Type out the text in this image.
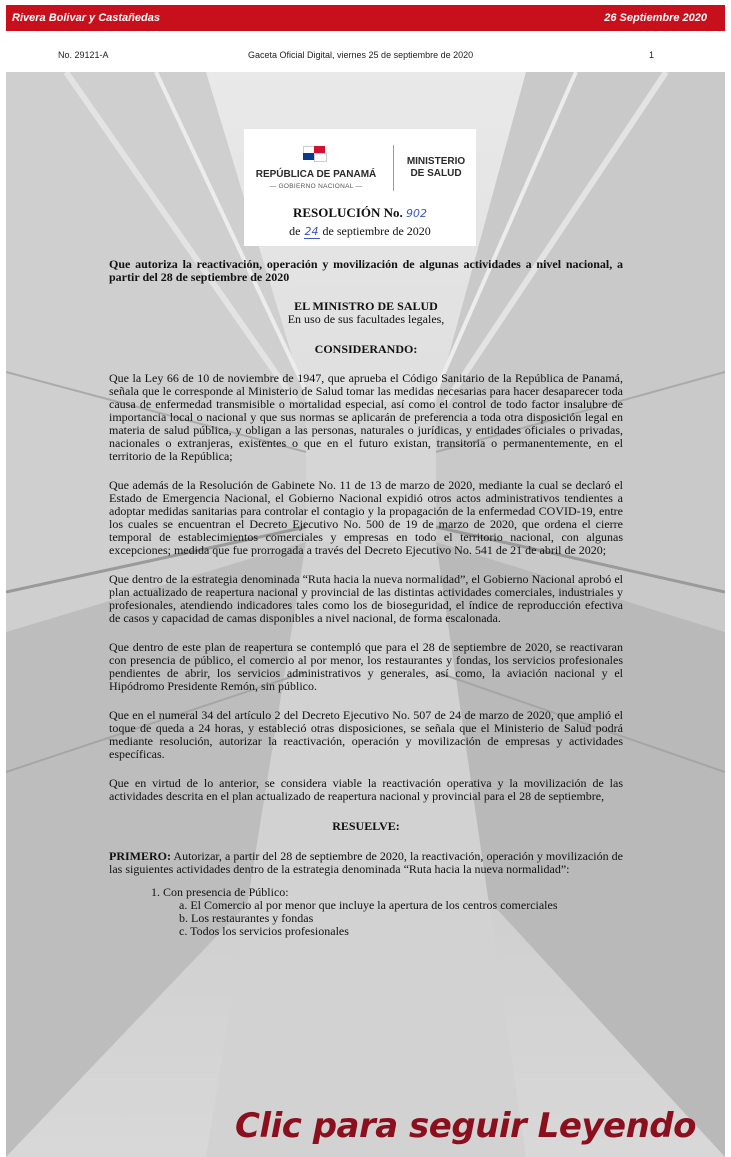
Rivera Bolivar y Castañedas	26 Septiembre 2020
No. 29121-A	Gaceta Oficial Digital, viernes 25 de septiembre de 2020	1
REPÚBLICA DE PANAMÁ
— GOBIERNO NACIONAL —
MINISTERIO
DE SALUD
RESOLUCIÓN No. 902
de 24 de septiembre de 2020

Que autoriza la reactivación, operación y movilización de algunas actividades a nivel nacional, a partir del 28 de septiembre de 2020

EL MINISTRO DE SALUD

En uso de sus facultades legales,

CONSIDERANDO:

Que la Ley 66 de 10 de noviembre de 1947, que aprueba el Código Sanitario de la República de Panamá, señala que le corresponde al Ministerio de Salud tomar las medidas necesarias para hacer desaparecer toda causa de enfermedad transmisible o mortalidad especial, así como el control de todo factor insalubre de importancia local o nacional y que sus normas se aplicarán de preferencia a toda otra disposición legal en materia de salud pública, y obligan a las personas, naturales o jurídicas, y entidades oficiales o privadas, nacionales o extranjeras, existentes o que en el futuro existan, transitoria o permanentemente, en el territorio de la República;

Que además de la Resolución de Gabinete No. 11 de 13 de marzo de 2020, mediante la cual se declaró el Estado de Emergencia Nacional, el Gobierno Nacional expidió otros actos administrativos tendientes a adoptar medidas sanitarias para controlar el contagio y la propagación de la enfermedad COVID-19, entre los cuales se encuentran el Decreto Ejecutivo No. 500 de 19 de marzo de 2020, que ordena el cierre temporal de establecimientos comerciales y empresas en todo el territorio nacional, con algunas excepciones; medida que fue prorrogada a través del Decreto Ejecutivo No. 541 de 21 de abril de 2020;

Que dentro de la estrategia denominada “Ruta hacia la nueva normalidad”, el Gobierno Nacional aprobó el plan actualizado de reapertura nacional y provincial de las distintas actividades comerciales, industriales y profesionales, atendiendo indicadores tales como los de bioseguridad, el índice de reproducción efectiva de casos y capacidad de camas disponibles a nivel nacional, de forma escalonada.

Que dentro de este plan de reapertura se contempló que para el 28 de septiembre de 2020, se reactivaran con presencia de público, el comercio al por menor, los restaurantes y fondas, los servicios profesionales pendientes de abrir, los servicios administrativos y generales, así como, la aviación nacional y el Hipódromo Presidente Remón, sin público.

Que en el numeral 34 del artículo 2 del Decreto Ejecutivo No. 507 de 24 de marzo de 2020, que amplió el toque de queda a 24 horas, y estableció otras disposiciones, se señala que el Ministerio de Salud podrá mediante resolución, autorizar la reactivación, operación y movilización de empresas y actividades específicas.

Que en virtud de lo anterior, se considera viable la reactivación operativa y la movilización de las actividades descrita en el plan actualizado de reapertura nacional y provincial para el 28 de septiembre,

RESUELVE:

PRIMERO: Autorizar, a partir del 28 de septiembre de 2020, la reactivación, operación y movilización de las siguientes actividades dentro de la estrategia denominada “Ruta hacia la nueva normalidad”:

1. Con presencia de Público:
a. El Comercio al por menor que incluye la apertura de los centros comerciales
b. Los restaurantes y fondas
c. Todos los servicios profesionales
Clic para seguir Leyendo
